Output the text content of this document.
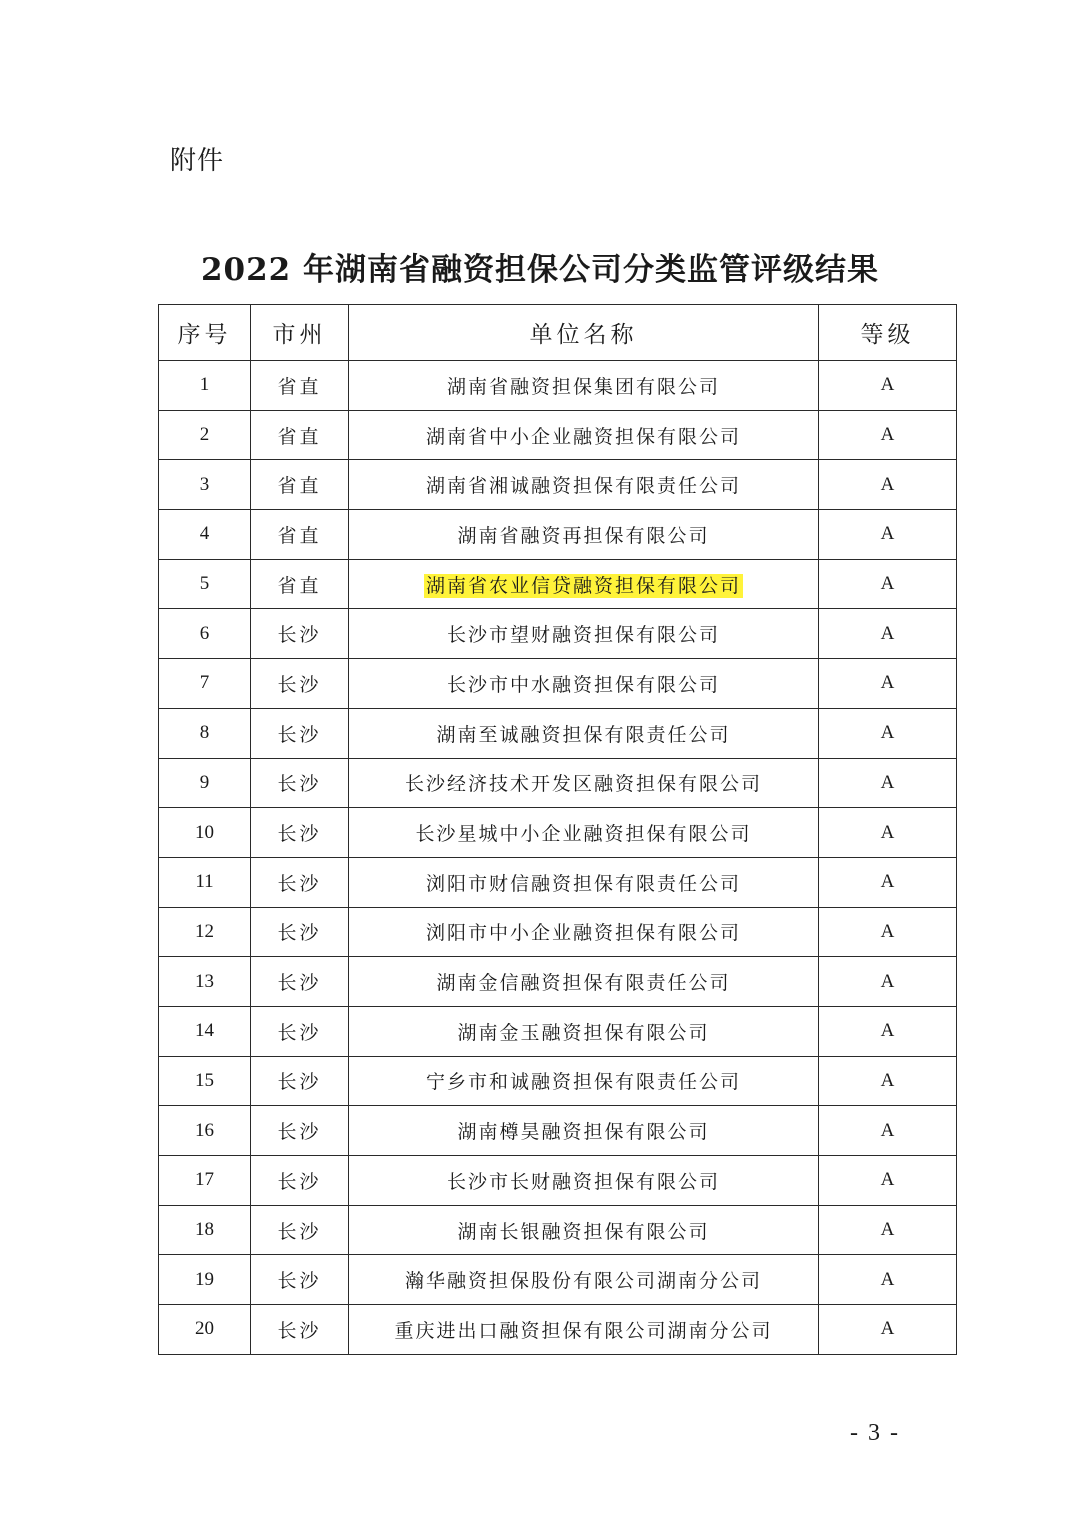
附件
2022 年湖南省融资担保公司分类监管评级结果
序号	市州	单位名称	等级
1	省直	湖南省融资担保集团有限公司	A
2	省直	湖南省中小企业融资担保有限公司	A
3	省直	湖南省湘诚融资担保有限责任公司	A
4	省直	湖南省融资再担保有限公司	A
5	省直	湖南省农业信贷融资担保有限公司	A
6	长沙	长沙市望财融资担保有限公司	A
7	长沙	长沙市中水融资担保有限公司	A
8	长沙	湖南至诚融资担保有限责任公司	A
9	长沙	长沙经济技术开发区融资担保有限公司	A
10	长沙	长沙星城中小企业融资担保有限公司	A
11	长沙	浏阳市财信融资担保有限责任公司	A
12	长沙	浏阳市中小企业融资担保有限公司	A
13	长沙	湖南金信融资担保有限责任公司	A
14	长沙	湖南金玉融资担保有限公司	A
15	长沙	宁乡市和诚融资担保有限责任公司	A
16	长沙	湖南樽昊融资担保有限公司	A
17	长沙	长沙市长财融资担保有限公司	A
18	长沙	湖南长银融资担保有限公司	A
19	长沙	瀚华融资担保股份有限公司湖南分公司	A
20	长沙	重庆进出口融资担保有限公司湖南分公司	A
- 3 -
